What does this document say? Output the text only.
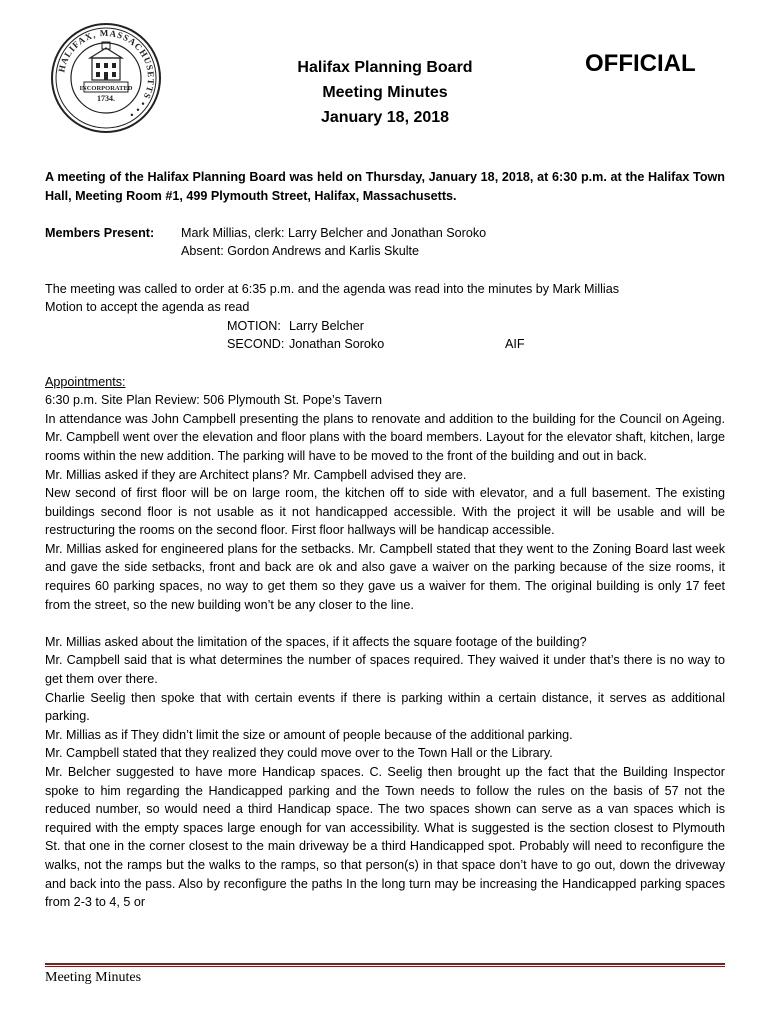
HALIFAX, MASSACHUSETTS • • •
INCORPORATED
1734.
Halifax Planning Board
Meeting Minutes
January 18, 2018
OFFICIAL

A meeting of the Halifax Planning Board was held on Thursday, January 18, 2018, at 6:30 p.m. at the Halifax Town Hall, Meeting Room #1, 499 Plymouth Street, Halifax, Massachusetts.

Members Present:	Mark Millias, clerk: Larry Belcher and Jonathan Soroko
Absent: Gordon Andrews and Karlis Skulte

The meeting was called to order at 6:35 p.m. and the agenda was read into the minutes by Mark Millias

Motion to accept the agenda as read

MOTION: Larry Belcher
SECOND: Jonathan Soroko	AIF

Appointments:

6:30 p.m. Site Plan Review: 506 Plymouth St. Pope’s Tavern

In attendance was John Campbell presenting the plans to renovate and addition to the building for the Council on Ageing. Mr. Campbell went over the elevation and floor plans with the board members. Layout for the elevator shaft, kitchen, large rooms within the new addition. The parking will have to be moved to the front of the building and out in back.

Mr. Millias asked if they are Architect plans? Mr. Campbell advised they are.

New second of first floor will be on large room, the kitchen off to side with elevator, and a full basement. The existing buildings second floor is not usable as it not handicapped accessible. With the project it will be usable and will be restructuring the rooms on the second floor. First floor hallways will be handicap accessible.

Mr. Millias asked for engineered plans for the setbacks. Mr. Campbell stated that they went to the Zoning Board last week and gave the side setbacks, front and back are ok and also gave a waiver on the parking because of the size rooms, it requires 60 parking spaces, no way to get them so they gave us a waiver for them. The original building is only 17 feet from the street, so the new building won’t be any closer to the line.

Mr. Millias asked about the limitation of the spaces, if it affects the square footage of the building?

Mr. Campbell said that is what determines the number of spaces required. They waived it under that’s there is no way to get them over there.

Charlie Seelig then spoke that with certain events if there is parking within a certain distance, it serves as additional parking.

Mr. Millias as if They didn’t limit the size or amount of people because of the additional parking.

Mr. Campbell stated that they realized they could move over to the Town Hall or the Library.

Mr. Belcher suggested to have more Handicap spaces. C. Seelig then brought up the fact that the Building Inspector spoke to him regarding the Handicapped parking and the Town needs to follow the rules on the basis of 57 not the reduced number, so would need a third Handicap space. The two spaces shown can serve as a van spaces which is required with the empty spaces large enough for van accessibility. What is suggested is the section closest to Plymouth St. that one in the corner closest to the main driveway be a third Handicapped spot. Probably will need to reconfigure the walks, not the ramps but the walks to the ramps, so that person(s) in that space don’t have to go out, down the driveway and back into the pass. Also by reconfigure the paths In the long turn may be increasing the Handicapped parking spaces from 2-3 to 4, 5 or

Meeting Minutes
